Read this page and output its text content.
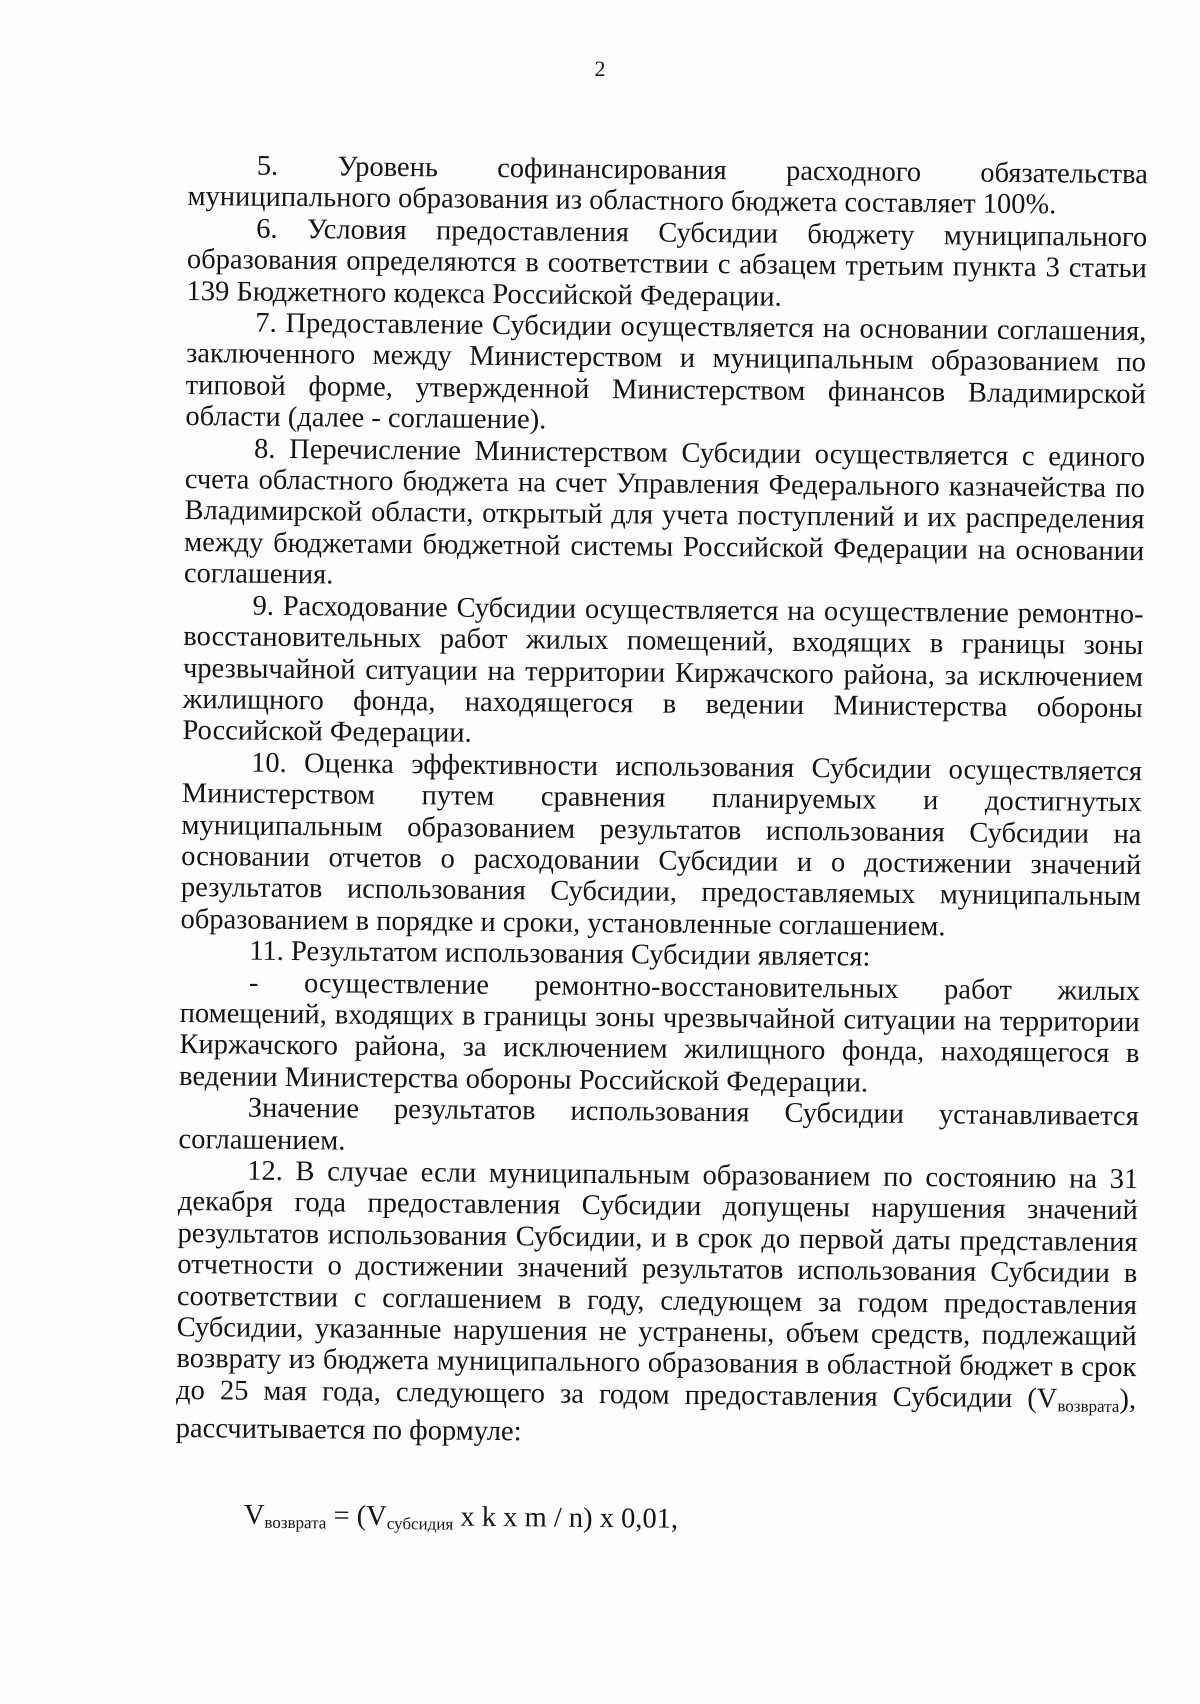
2

5. Уровень софинансирования расходного обязательства муниципального образования из областного бюджета составляет 100%.

6. Условия предоставления Субсидии бюджету муниципального образования определяются в соответствии с абзацем третьим пункта 3 статьи 139 Бюджетного кодекса Российской Федерации.

7. Предоставление Субсидии осуществляется на основании соглашения, заключенного между Министерством и муниципальным образованием по типовой форме, утвержденной Министерством финансов Владимирской области (далее - соглашение).

8. Перечисление Министерством Субсидии осуществляется с единого счета областного бюджета на счет Управления Федерального казначейства по Владимирской области, открытый для учета поступлений и их распределения между бюджетами бюджетной системы Российской Федерации на основании соглашения.

9. Расходование Субсидии осуществляется на осуществление ремонтно-восстановительных работ жилых помещений, входящих в границы зоны чрезвычайной ситуации на территории Киржачского района, за исключением жилищного фонда, находящегося в ведении Министерства обороны Российской Федерации.

10. Оценка эффективности использования Субсидии осуществляется Министерством путем сравнения планируемых и достигнутых муниципальным образованием результатов использования Субсидии на основании отчетов о расходовании Субсидии и о достижении значений результатов использования Субсидии, предоставляемых муниципальным образованием в порядке и сроки, установленные соглашением.

11. Результатом использования Субсидии является:

- осуществление ремонтно-восстановительных работ жилых помещений, входящих в границы зоны чрезвычайной ситуации на территории Киржачского района, за исключением жилищного фонда, находящегося в ведении Министерства обороны Российской Федерации.

Значение результатов использования Субсидии устанавливается соглашением.

12. В случае если муниципальным образованием по состоянию на 31 декабря года предоставления Субсидии допущены нарушения значений результатов использования Субсидии, и в срок до первой даты представления отчетности о достижении значений результатов использования Субсидии в соответствии с соглашением в году, следующем за годом предоставления Субсидии, указанные нарушения не устранены, объем средств, подлежащий возврату из бюджета муниципального образования в областной бюджет в срок до 25 мая года, следующего за годом предоставления Субсидии $(V_{возврата})$, рассчитывается по формуле:

$V_{возврата} = (V_{субсидия}$ x k x m / n) x 0,01,
